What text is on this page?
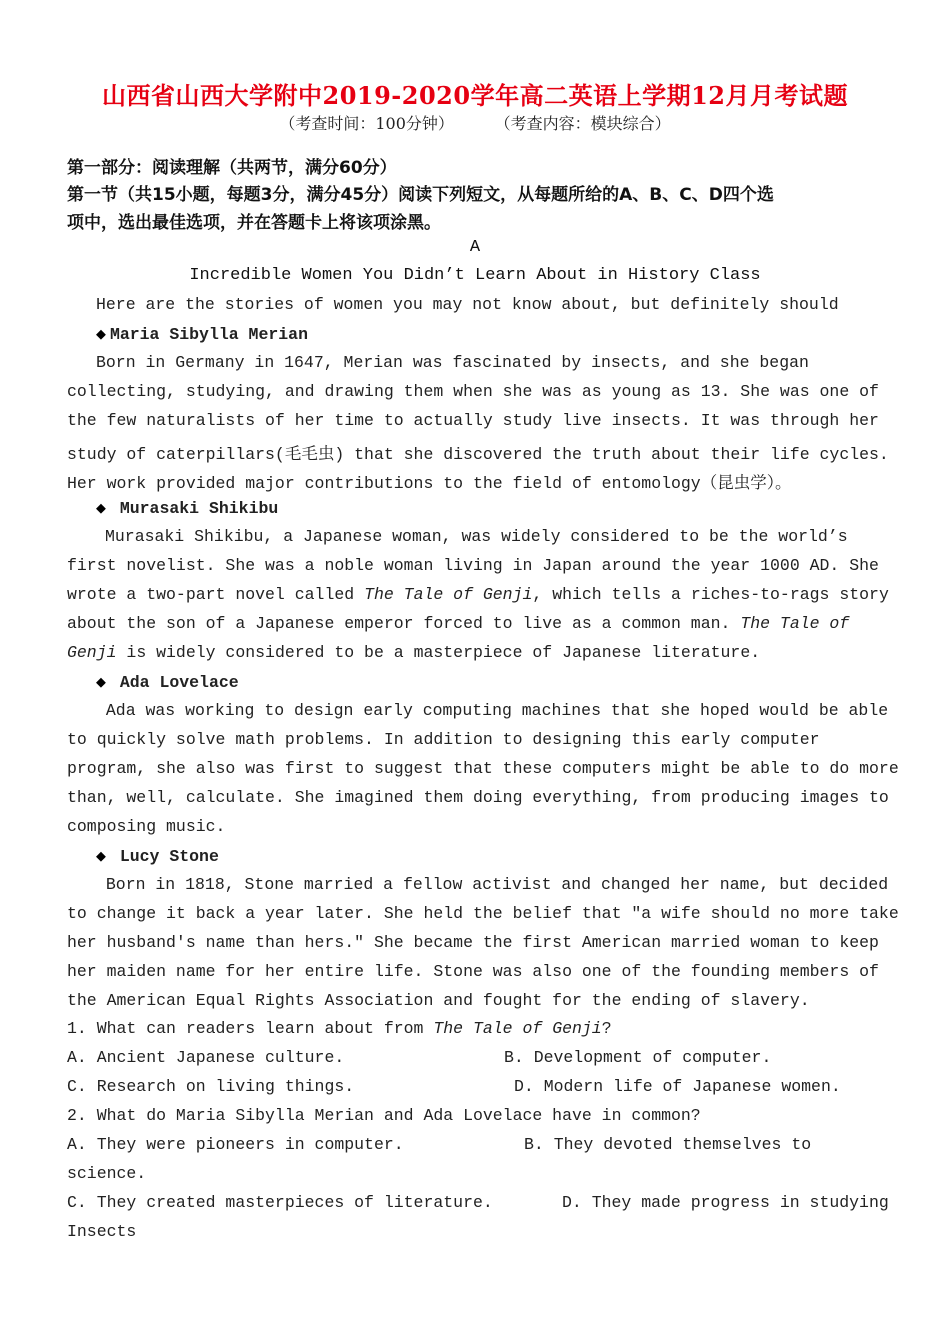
山西省山西大学附中2019-2020学年高二英语上学期12月月考试题
（考查时间：100分钟）        （考查内容：模块综合）
第一部分：阅读理解（共两节，满分60分）
第一节（共15小题，每题3分，满分45分）阅读下列短文，从每题所给的A、B、C、D四个选
项中，选出最佳选项，并在答题卡上将该项涂黑。
A
Incredible Women You Didn’t Learn About in History Class
Here are the stories of women you may not know about, but definitely should
◆ Maria Sibylla Merian
Born in Germany in 1647, Merian was fascinated by insects, and she began
collecting, studying, and drawing them when she was as young as 13. She was one of
the few naturalists of her time to actually study live insects. It was through her
study of caterpillars(毛毛虫) that she discovered the truth about their life cycles.
Her work provided major contributions to the field of entomology（昆虫学）。
◆ Murasaki Shikibu
Murasaki Shikibu, a Japanese woman, was widely considered to be the world’s
first novelist. She was a noble woman living in Japan around the year 1000 AD. She
wrote a two-part novel called The Tale of Genji, which tells a riches-to-rags story
about the son of a Japanese emperor forced to live as a common man. The Tale of
Genji is widely considered to be a masterpiece of Japanese literature.
◆ Ada Lovelace
Ada was working to design early computing machines that she hoped would be able
to quickly solve math problems. In addition to designing this early computer
program, she also was first to suggest that these computers might be able to do more
than, well, calculate. She imagined them doing everything, from producing images to
composing music.
◆ Lucy Stone
Born in 1818, Stone married a fellow activist and changed her name, but decided
to change it back a year later. She held the belief that "a wife should no more take
her husband's name than hers." She became the first American married woman to keep
her maiden name for her entire life. Stone was also one of the founding members of
the American Equal Rights Association and fought for the ending of slavery.
1. What can readers learn about from The Tale of Genji?
A. Ancient Japanese culture.	B. Development of computer.
C. Research on living things.	D. Modern life of Japanese women.
2. What do Maria Sibylla Merian and Ada Lovelace have in common?
A. They were pioneers in computer.	B. They devoted themselves to
science.
C. They created masterpieces of literature.	D. They made progress in studying
Insects
